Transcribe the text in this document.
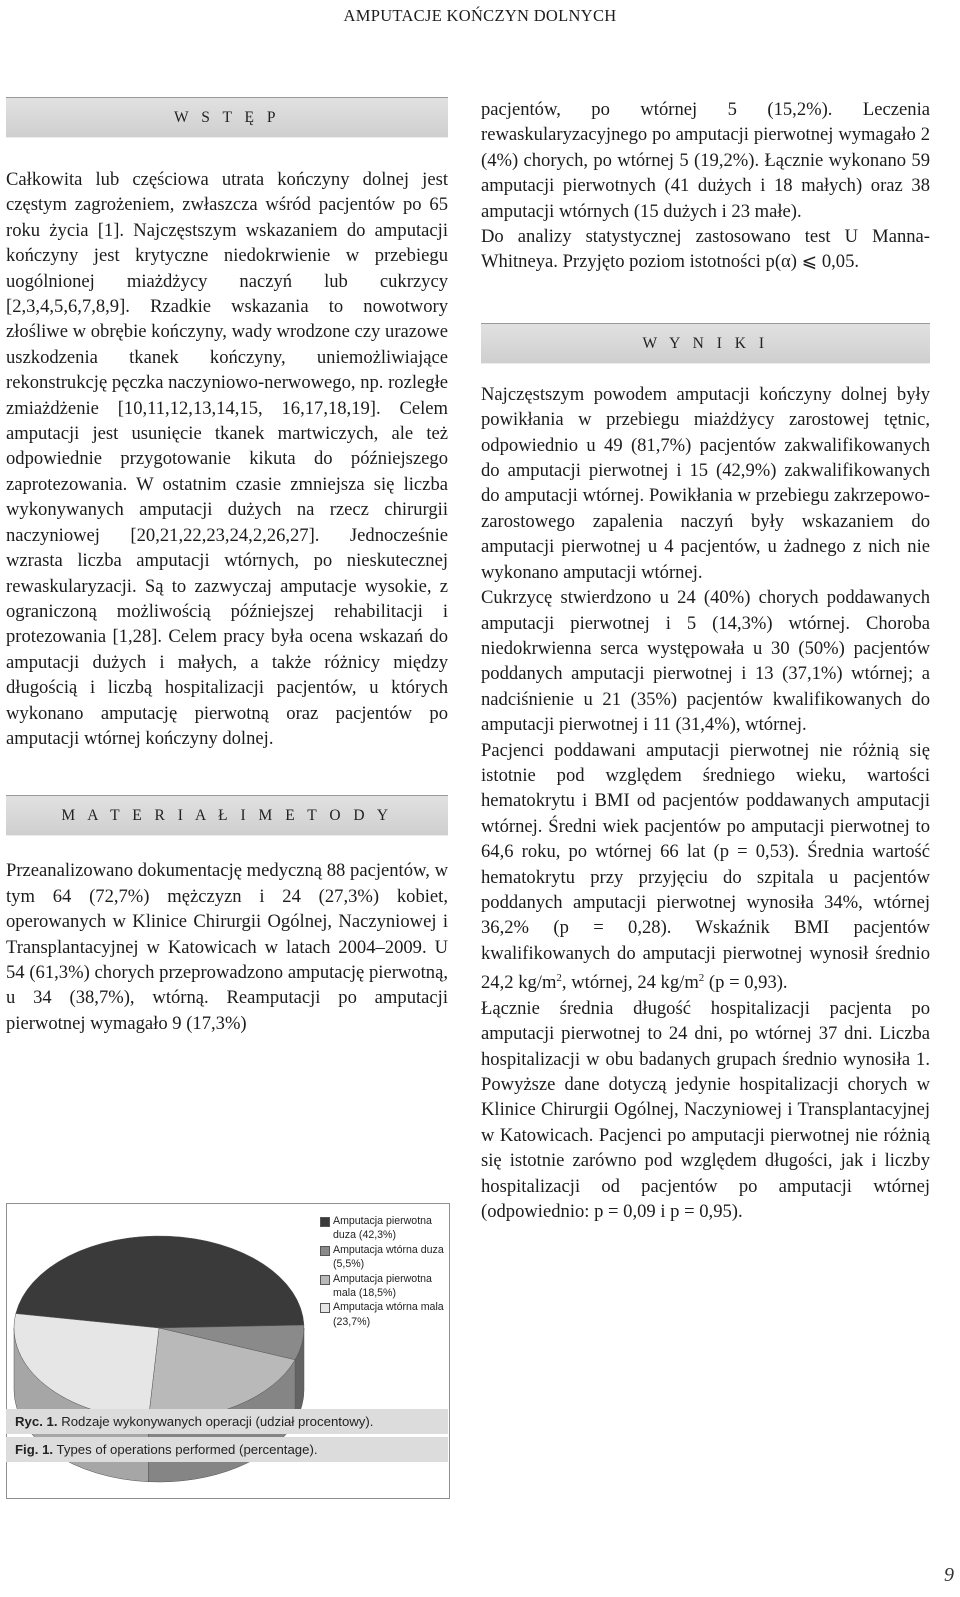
AMPUTACJE KOŃCZYN DOLNYCH
W S T Ę P

Całkowita lub częściowa utrata kończyny dolnej jest częstym zagrożeniem, zwłaszcza wśród pacjentów po 65 roku życia [1]. Najczęstszym wskazaniem do amputacji kończyny jest krytyczne niedokrwienie w przebiegu uogólnionej miażdżycy naczyń lub cukrzycy [2,3,4,5,6,7,8,9]. Rzadkie wskazania to nowotwory złośliwe w obrębie kończyny, wady wrodzone czy urazowe uszkodzenia tkanek kończyny, uniemożliwiające rekonstrukcję pęczka naczyniowo-nerwowego, np. rozległe zmiażdżenie [10,11,12,13,14,15, 16,17,18,19]. Celem amputacji jest usunięcie tkanek martwiczych, ale też odpowiednie przygotowanie kikuta do późniejszego zaprotezowania. W ostatnim czasie zmniejsza się liczba wykonywanych amputacji dużych na rzecz chirurgii naczyniowej [20,21,22,23,24,2,26,27]. Jednocześnie wzrasta liczba amputacji wtórnych, po nieskutecznej rewaskularyzacji. Są to zazwyczaj amputacje wysokie, z ograniczoną możliwością późniejszej rehabilitacji i protezowania [1,28]. Celem pracy była ocena wskazań do amputacji dużych i małych, a także różnicy między długością i liczbą hospitalizacji pacjentów, u których wykonano amputację pierwotną oraz pacjentów po amputacji wtórnej kończyny dolnej.

M A T E R I A Ł I M E T O D Y

Przeanalizowano dokumentację medyczną 88 pacjentów, w tym 64 (72,7%) mężczyzn i 24 (27,3%) kobiet, operowanych w Klinice Chirurgii Ogólnej, Naczyniowej i Transplantacyjnej w Katowicach w latach 2004–2009. U 54 (61,3%) chorych przeprowadzono amputację pierwotną, u 34 (38,7%), wtórną. Reamputacji po amputacji pierwotnej wymagało 9 (17,3%)

Amputacja pierwotna duza (42,3%)
Amputacja wtórna duza (5,5%)
Amputacja pierwotna mala (18,5%)
Amputacja wtórna mala (23,7%)
Ryc. 1. Rodzaje wykonywanych operacji (udział procentowy).
Fig. 1. Types of operations performed (percentage).

pacjentów, po wtórnej 5 (15,2%). Leczenia rewaskularyzacyjnego po amputacji pierwotnej wymagało 2 (4%) chorych, po wtórnej 5 (19,2%). Łącznie wykonano 59 amputacji pierwotnych (41 dużych i 18 małych) oraz 38 amputacji wtórnych (15 dużych i 23 małe).

Do analizy statystycznej zastosowano test U Manna-Whitneya. Przyjęto poziom istotności p(α) ⩽ 0,05.

W Y N I K I

Najczęstszym powodem amputacji kończyny dolnej były powikłania w przebiegu miażdżycy zarostowej tętnic, odpowiednio u 49 (81,7%) pacjentów zakwalifikowanych do amputacji pierwotnej i 15 (42,9%) zakwalifikowanych do amputacji wtórnej. Powikłania w przebiegu zakrzepowo-zarostowego zapalenia naczyń były wskazaniem do amputacji pierwotnej u 4 pacjentów, u żadnego z nich nie wykonano amputacji wtórnej.

Cukrzycę stwierdzono u 24 (40%) chorych poddawanych amputacji pierwotnej i 5 (14,3%) wtórnej. Choroba niedokrwienna serca występowała u 30 (50%) pacjentów poddanych amputacji pierwotnej i 13 (37,1%) wtórnej; a nadciśnienie u 21 (35%) pacjentów kwalifikowanych do amputacji pierwotnej i 11 (31,4%), wtórnej.

Pacjenci poddawani amputacji pierwotnej nie różnią się istotnie pod względem średniego wieku, wartości hematokrytu i BMI od pacjentów poddawanych amputacji wtórnej. Średni wiek pacjentów po amputacji pierwotnej to 64,6 roku, po wtórnej 66 lat (p = 0,53). Średnia wartość hematokrytu przy przyjęciu do szpitala u pacjentów poddanych amputacji pierwotnej wynosiła 34%, wtórnej 36,2% (p = 0,28). Wskaźnik BMI pacjentów kwalifikowanych do amputacji pierwotnej wynosił średnio 24,2 $kg/m^2$, wtórnej, 24 $kg/m^2$ (p = 0,93).

Łącznie średnia długość hospitalizacji pacjenta po amputacji pierwotnej to 24 dni, po wtórnej 37 dni. Liczba hospitalizacji w obu badanych grupach średnio wynosiła 1. Powyższe dane dotyczą jedynie hospitalizacji chorych w Klinice Chirurgii Ogólnej, Naczyniowej i Transplantacyjnej w Katowicach. Pacjenci po amputacji pierwotnej nie różnią się istotnie zarówno pod względem długości, jak i liczby hospitalizacji od pacjentów po amputacji wtórnej (odpowiednio: p = 0,09 i p = 0,95).

9
